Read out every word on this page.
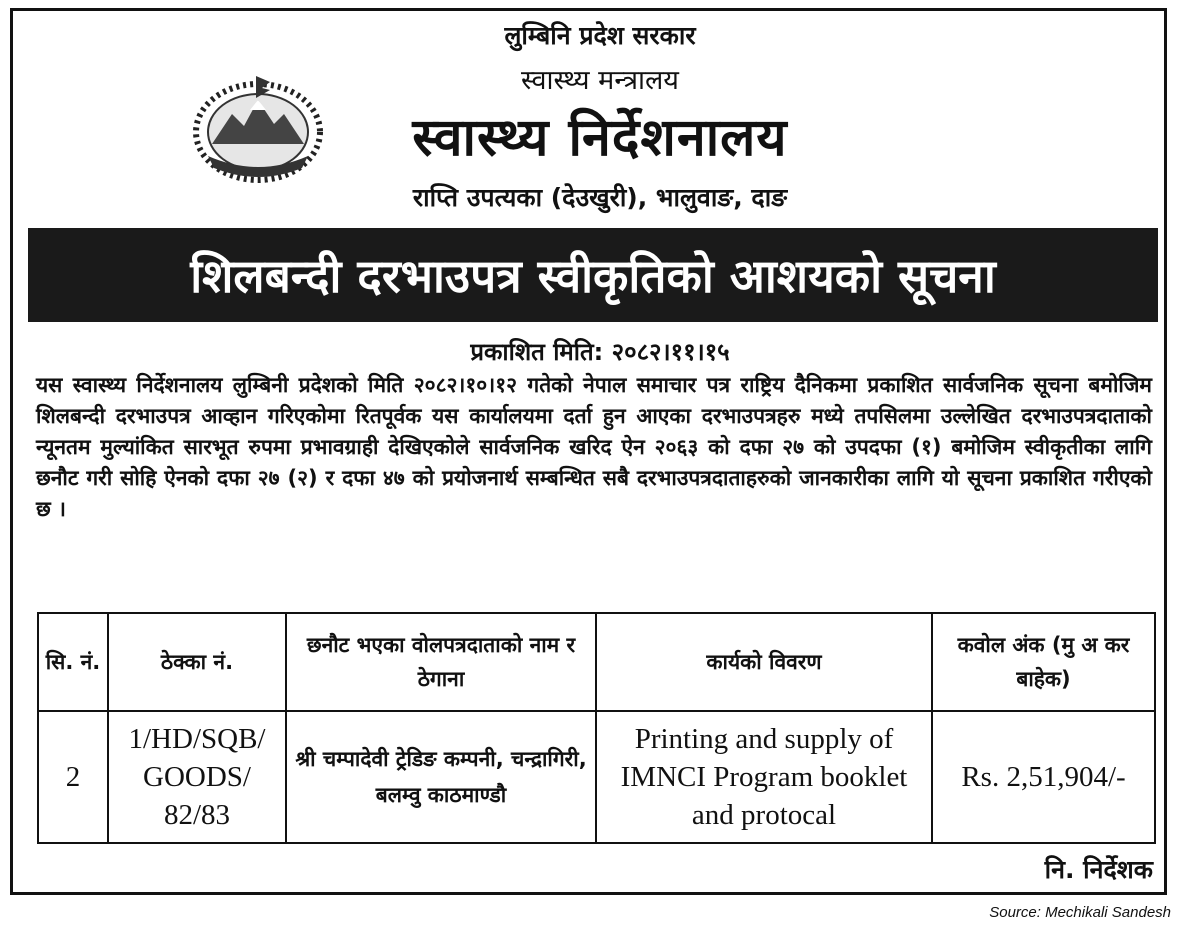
लुम्बिनि प्रदेश सरकार
स्वास्थ्य मन्त्रालय
स्वास्थ्य निर्देशनालय
राप्ति उपत्यका (देउखुरी), भालुवाङ, दाङ
शिलबन्दी दरभाउपत्र स्वीकृतिको आशयको सूचना
प्रकाशित मिति: २०८२।११।१५
यस स्वास्थ्य निर्देशनालय लुम्बिनी प्रदेशको मिति २०८२।१०।१२ गतेको नेपाल समाचार पत्र राष्ट्रिय दैनिकमा प्रकाशित सार्वजनिक सूचना बमोजिम शिलबन्दी दरभाउपत्र आव्हान गरिएकोमा रितपूर्वक यस कार्यालयमा दर्ता हुन आएका दरभाउपत्रहरु मध्ये तपसिलमा उल्लेखित दरभाउपत्रदाताको न्यूनतम मुल्यांकित सारभूत रुपमा प्रभावग्राही देखिएकोले सार्वजनिक खरिद ऐन २०६३ को दफा २७ को उपदफा (१) बमोजिम स्वीकृतीका लागि छनौट गरी सोहि ऐनको दफा २७ (२) र दफा ४७ को प्रयोजनार्थ सम्बन्धित सबै दरभाउपत्रदाताहरुको जानकारीका लागि यो सूचना प्रकाशित गरीएको छ ।
सि. नं.	ठेक्का नं.	छनौट भएका वोलपत्रदाताको नाम र ठेगाना	कार्यको विवरण	कवोल अंक (मु अ कर बाहेक)
2	1/HD/SQB/ GOODS/ 82/83	श्री चम्पादेवी ट्रेडिङ कम्पनी, चन्द्रागिरी, बलम्वु काठमाण्डौ	Printing and supply of IMNCI Program booklet and protocal	Rs. 2,51,904/-
नि. निर्देशक
Source: Mechikali Sandesh
